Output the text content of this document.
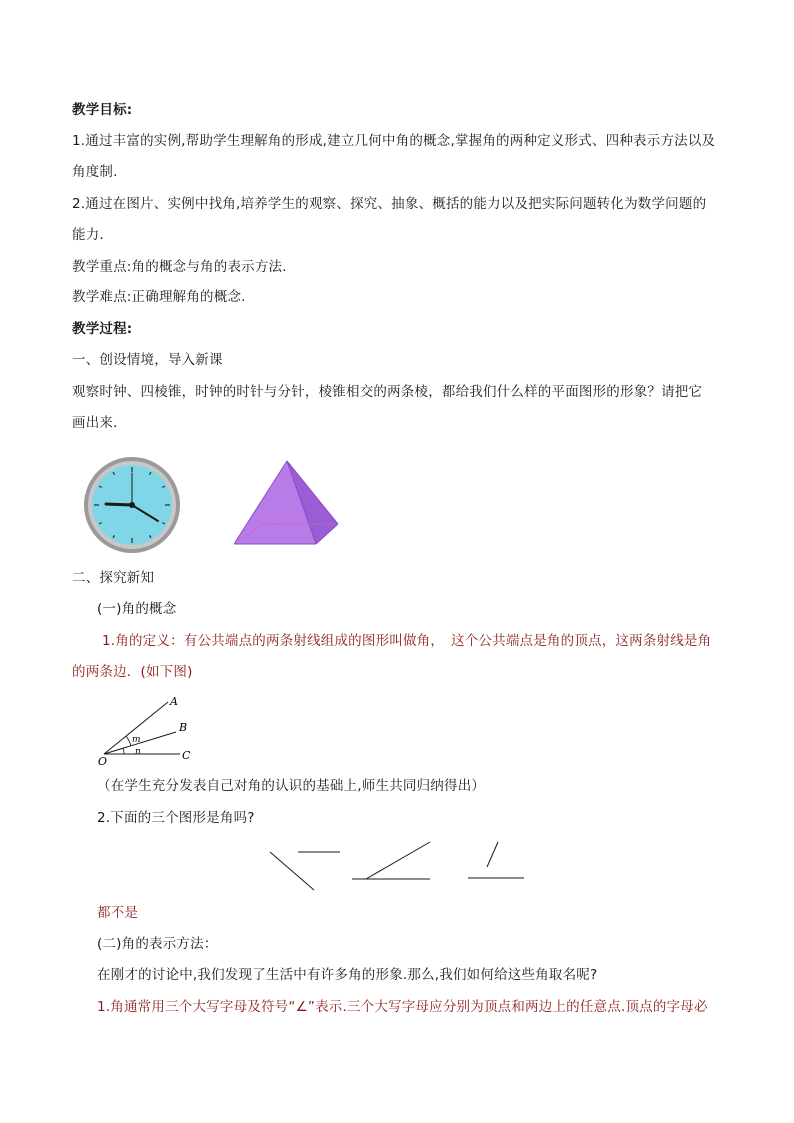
教学目标:
1.通过丰富的实例,帮助学生理解角的形成,建立几何中角的概念,掌握角的两种定义形式、四种表示方法以及
角度制.
2.通过在图片、实例中找角,培养学生的观察、探究、抽象、概括的能力以及把实际问题转化为数学问题的
能力.
教学重点:角的概念与角的表示方法.
教学难点:正确理解角的概念.
教学过程:
一、创设情境，导入新课
观察时钟、四棱锥，时钟的时针与分针，棱锥相交的两条棱，都给我们什么样的平面图形的形象？请把它
画出来．
二、探究新知
(一)角的概念
1.角的定义：有公共端点的两条射线组成的图形叫做角，　这个公共端点是角的顶点，这两条射线是角
的两条边．(如下图)
A
B
C
O
m
n
（在学生充分发表自己对角的认识的基础上,师生共同归纳得出）
2.下面的三个图形是角吗?
都不是
(二)角的表示方法：
在刚才的讨论中,我们发现了生活中有许多角的形象.那么,我们如何给这些角取名呢?
1.角通常用三个大写字母及符号“∠”表示.三个大写字母应分别为顶点和两边上的任意点.顶点的字母必
